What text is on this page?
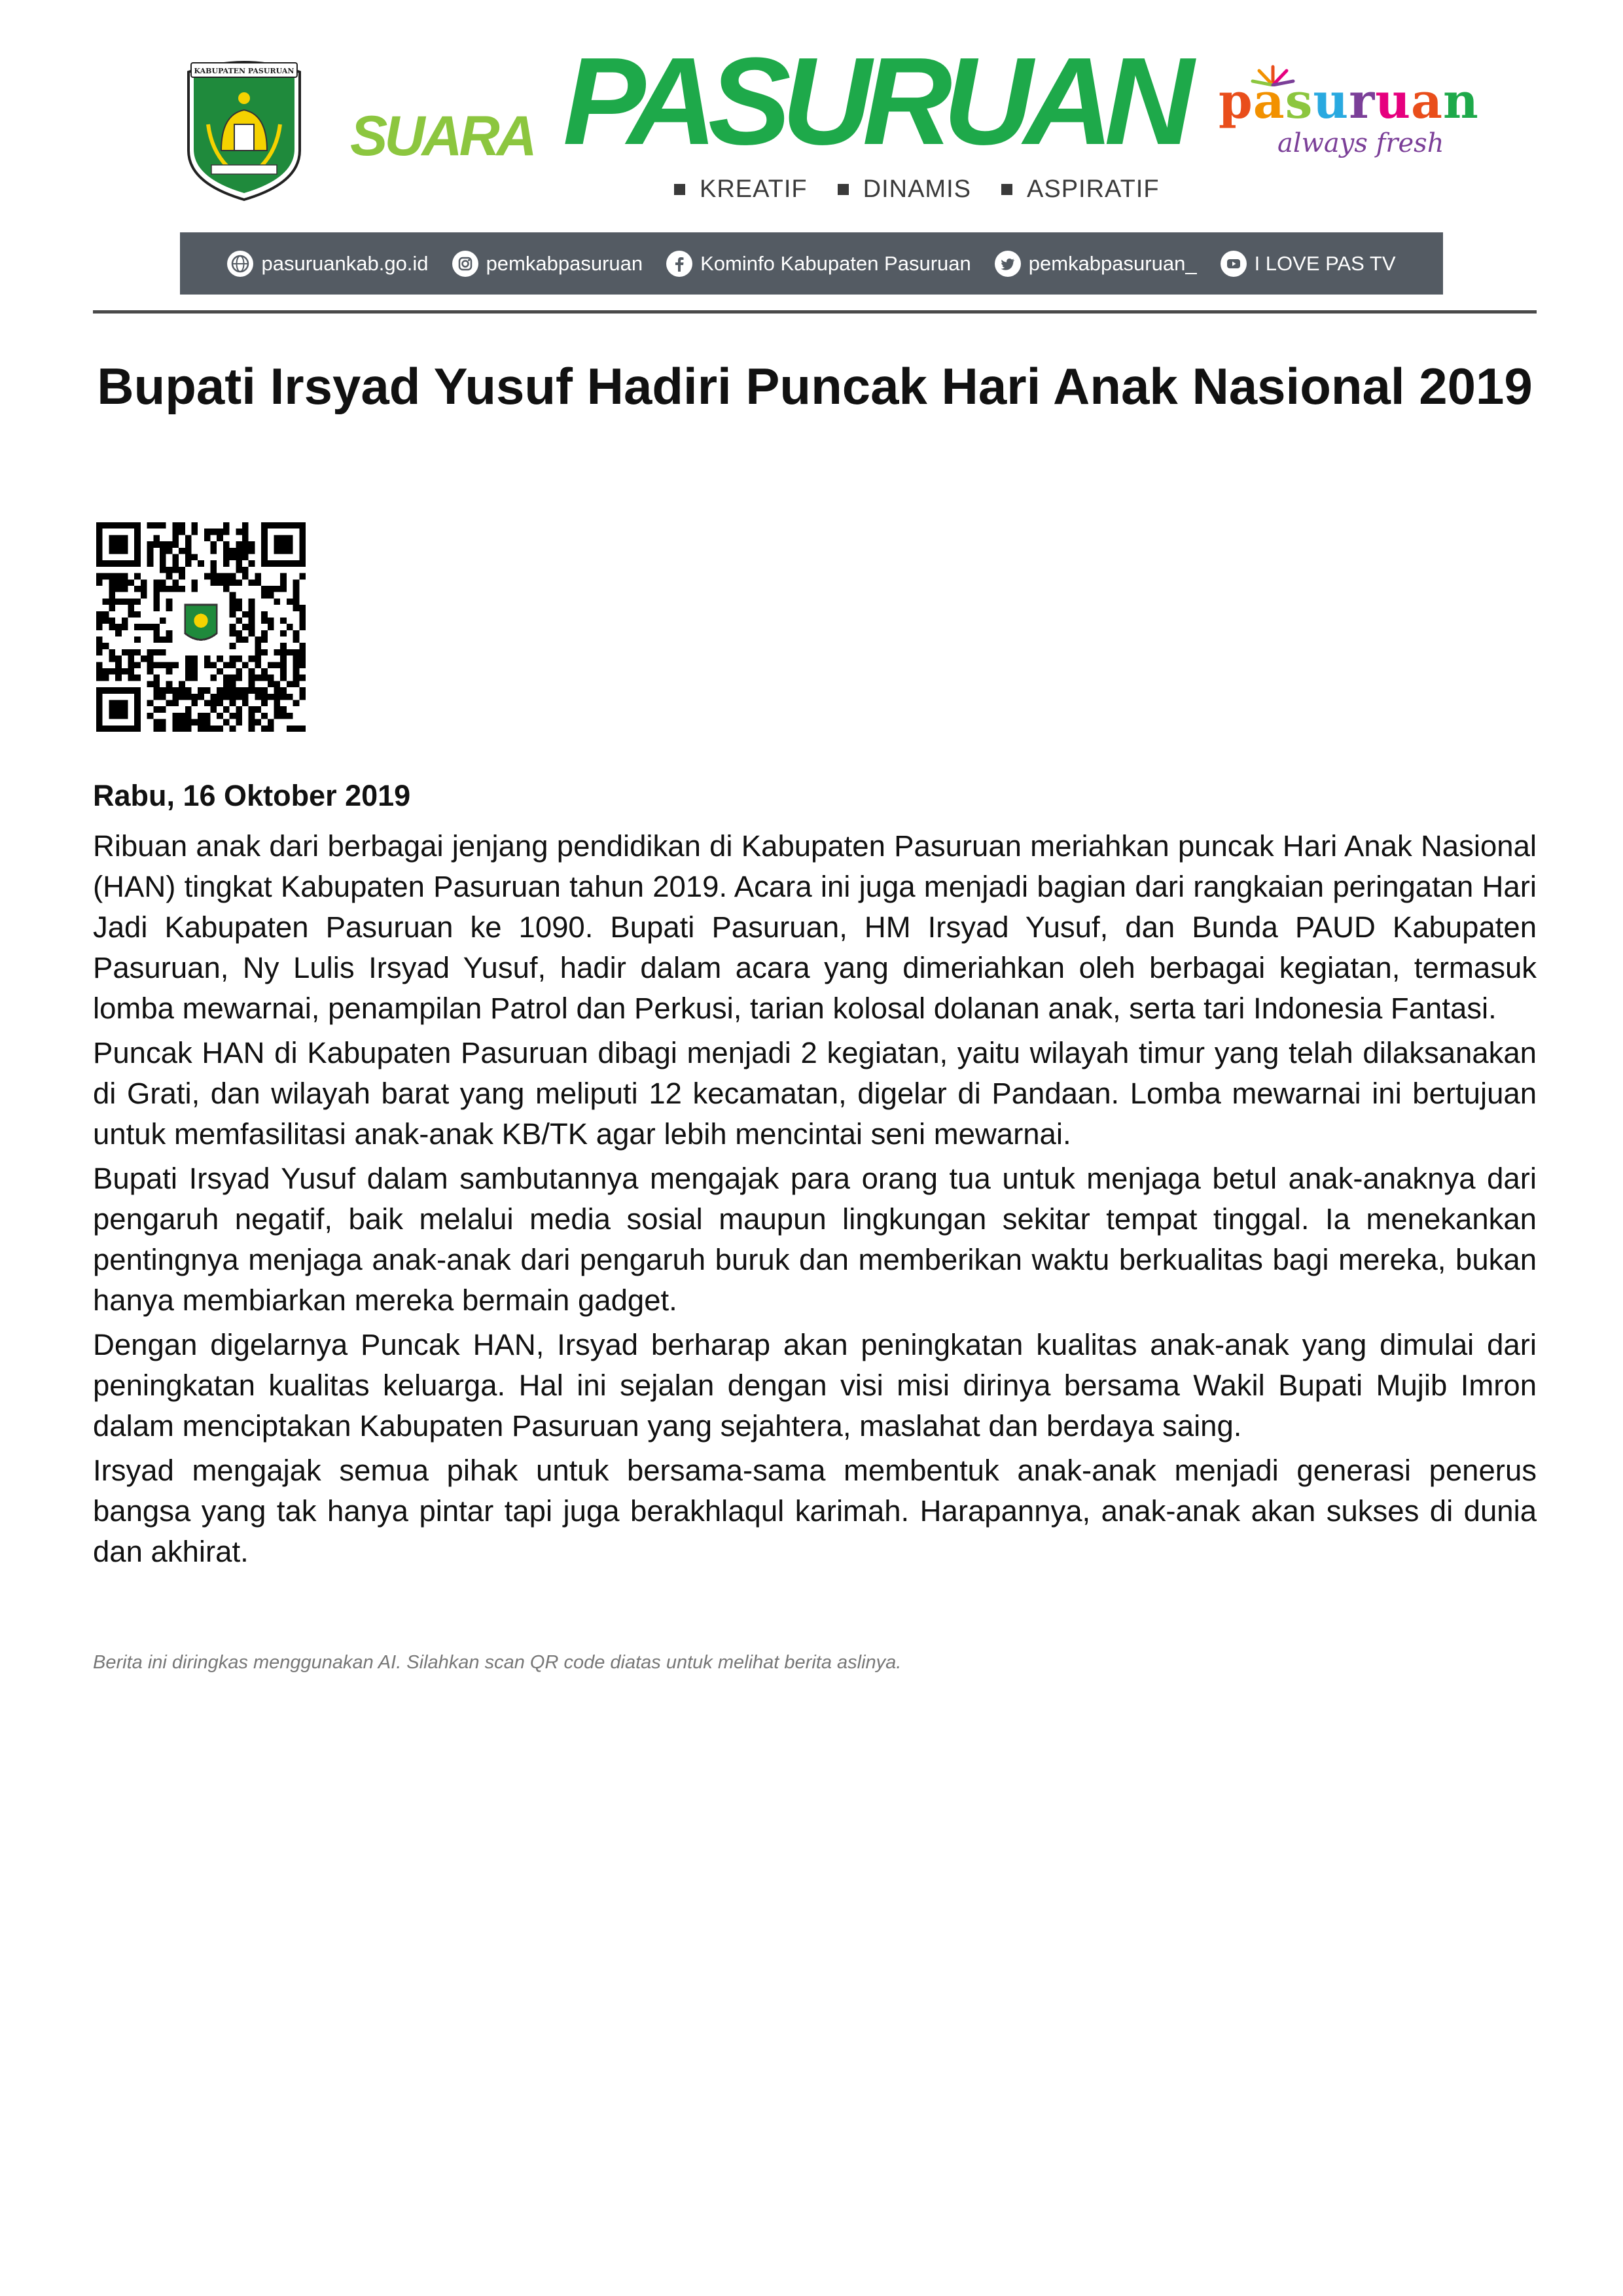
KABUPATEN PASURUAN
SUARA PASURUAN
KREATIF DINAMIS ASPIRATIF
pasuruan
always fresh
pasuruankab.go.id	pemkabpasuruan	Kominfo Kabupaten Pasuruan	pemkabpasuruan_	I LOVE PAS TV
Bupati Irsyad Yusuf Hadiri Puncak Hari Anak Nasional 2019
Rabu, 16 Oktober 2019

Ribuan anak dari berbagai jenjang pendidikan di Kabupaten Pasuruan meriahkan puncak Hari Anak Nasional (HAN) tingkat Kabupaten Pasuruan tahun 2019. Acara ini juga menjadi bagian dari rangkaian peringatan Hari Jadi Kabupaten Pasuruan ke 1090. Bupati Pasuruan, HM Irsyad Yusuf, dan Bunda PAUD Kabupaten Pasuruan, Ny Lulis Irsyad Yusuf, hadir dalam acara yang dimeriahkan oleh berbagai kegiatan, termasuk lomba mewarnai, penampilan Patrol dan Perkusi, tarian kolosal dolanan anak, serta tari Indonesia Fantasi.

Puncak HAN di Kabupaten Pasuruan dibagi menjadi 2 kegiatan, yaitu wilayah timur yang telah dilaksanakan di Grati, dan wilayah barat yang meliputi 12 kecamatan, digelar di Pandaan. Lomba mewarnai ini bertujuan untuk memfasilitasi anak-anak KB/TK agar lebih mencintai seni mewarnai.

Bupati Irsyad Yusuf dalam sambutannya mengajak para orang tua untuk menjaga betul anak-anaknya dari pengaruh negatif, baik melalui media sosial maupun lingkungan sekitar tempat tinggal. Ia menekankan pentingnya menjaga anak-anak dari pengaruh buruk dan memberikan waktu berkualitas bagi mereka, bukan hanya membiarkan mereka bermain gadget.

Dengan digelarnya Puncak HAN, Irsyad berharap akan peningkatan kualitas anak-anak yang dimulai dari peningkatan kualitas keluarga. Hal ini sejalan dengan visi misi dirinya bersama Wakil Bupati Mujib Imron dalam menciptakan Kabupaten Pasuruan yang sejahtera, maslahat dan berdaya saing.

Irsyad mengajak semua pihak untuk bersama-sama membentuk anak-anak menjadi generasi penerus bangsa yang tak hanya pintar tapi juga berakhlaqul karimah. Harapannya, anak-anak akan sukses di dunia dan akhirat.

Berita ini diringkas menggunakan AI. Silahkan scan QR code diatas untuk melihat berita aslinya.
